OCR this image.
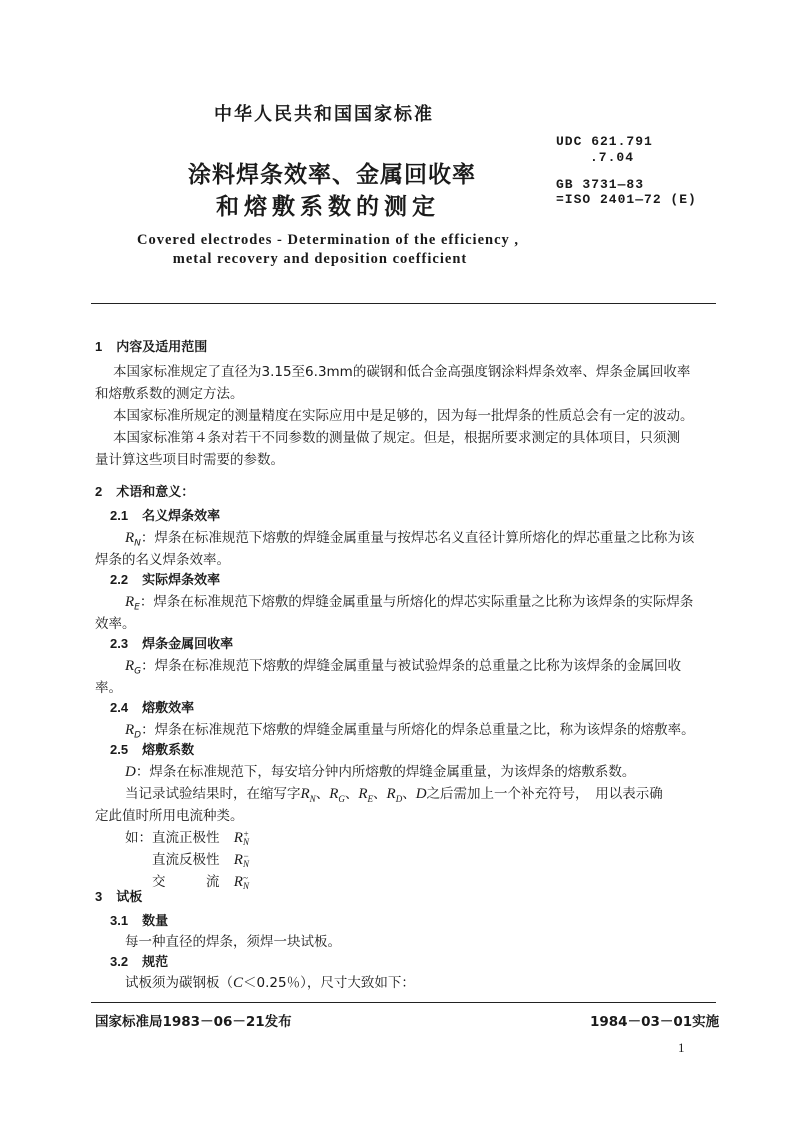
中华人民共和国国家标准
涂料焊条效率、金属回收率
和熔敷系数的测定
Covered electrodes - Determination of the efficiency ,
metal recovery and deposition coefficient
UDC 621.791
.7.04
GB 3731—83
=ISO 2401—72 (E)
1 内容及适用范围
本国家标准规定了直径为3.15至6.3mm的碳钢和低合金高强度钢涂料焊条效率、焊条金属回收率
和熔敷系数的测定方法。
本国家标准所规定的测量精度在实际应用中是足够的，因为每一批焊条的性质总会有一定的波动。
本国家标准第４条对若干不同参数的测量做了规定。但是，根据所要求测定的具体项目，只须测
量计算这些项目时需要的参数。
2 术语和意义：
2.1 名义焊条效率
$R_N$：焊条在标准规范下熔敷的焊缝金属重量与按焊芯名义直径计算所熔化的焊芯重量之比称为该
焊条的名义焊条效率。
2.2 实际焊条效率
$R_E$：焊条在标准规范下熔敷的焊缝金属重量与所熔化的焊芯实际重量之比称为该焊条的实际焊条
效率。
2.3 焊条金属回收率
$R_G$：焊条在标准规范下熔敷的焊缝金属重量与被试验焊条的总重量之比称为该焊条的金属回收
率。
2.4 熔敷效率
$R_D$：焊条在标准规范下熔敷的焊缝金属重量与所熔化的焊条总重量之比，称为该焊条的熔敷率。
2.5 熔敷系数
D：焊条在标准规范下，每安培分钟内所熔敷的焊缝金属重量，为该焊条的熔敷系数。
当记录试验结果时，在缩写字$R_N$、$R_G$、$R_E$、$R_D$、D之后需加上一个补充符号，　用以表示确
定此值时所用电流种类。
如： 直流正极性 R+
N
直流反极性 R−
N
交　　　流 R~
N
3 试板
3.1 数量
每一种直径的焊条，须焊一块试板。
3.2 规范
试板须为碳钢板（C＜0.25％），尺寸大致如下：
国家标准局1983－06－21发布	1984－03－01实施
1
